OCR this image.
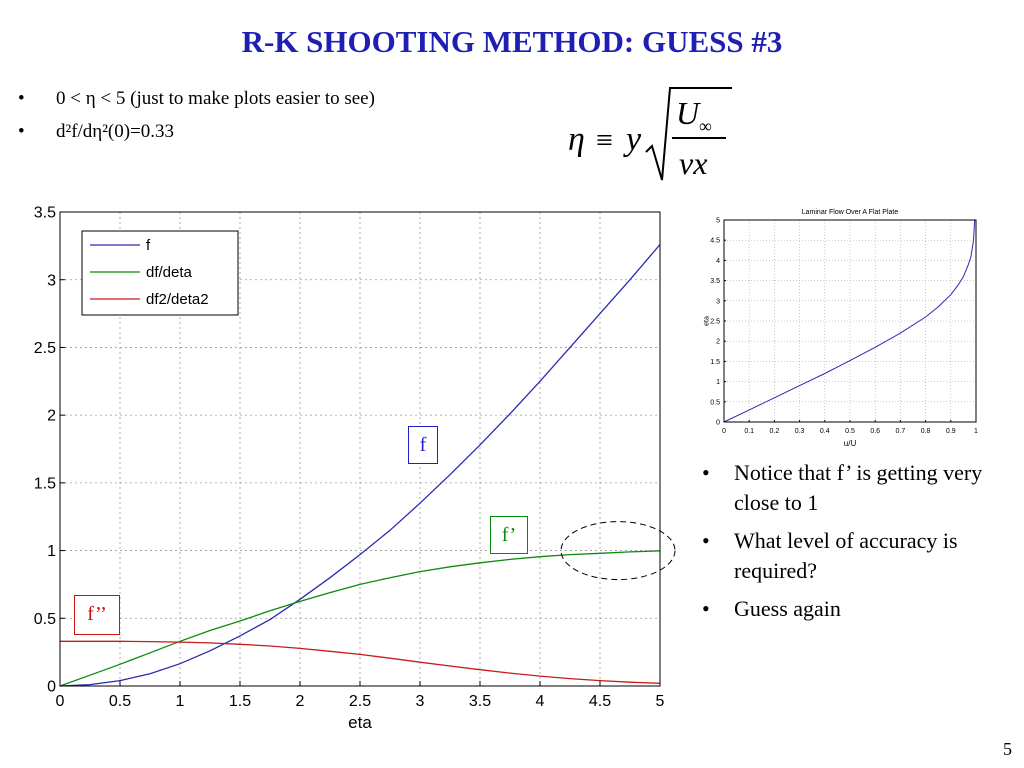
R-K SHOOTING METHOD: GUESS #3
• 0 < η < 5 (just to make plots easier to see)
• d²f/dη²(0)=0.33	η ≡ y
U ∞
νx
0	0.5	1	1.5	2	2.5	3	3.5	4	4.5	5
0
0.5
1
1.5
2
2.5
3
3.5
eta
f
df/deta
df2/deta2
0	0.1 0.2 0.3 0.4 0.5 0.6 0.7 0.8 0.9	1
0
0.5
1
1.5
2
2.5
3
3.5
4
4.5
5
u/U
eta
Laminar Flow Over A Flat Plate
f
f’
f’’
• Notice that f’ is getting very close to 1
• What level of accuracy is required?
• Guess again
5
